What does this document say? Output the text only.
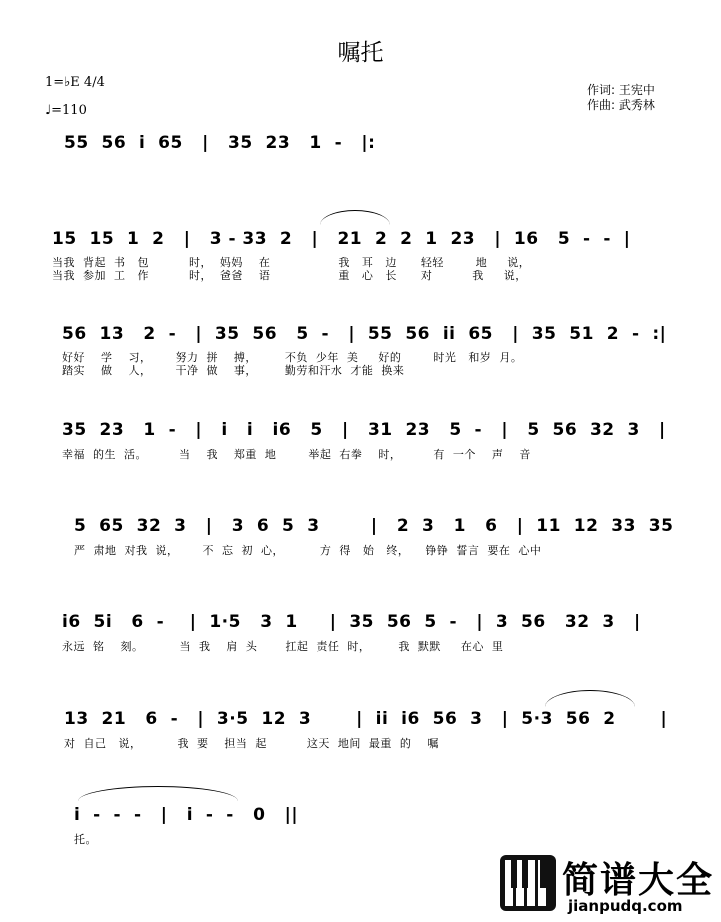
嘱托
1=♭E 4/4
♩=110
作词: 王宪中
作曲: 武秀林
55  56  i  65   |   35  23   1  -   |:
15  15  1  2   |   3 - 33  2   |   21  2  2  1  23   |  16   5  -  -  |
当我  背起  书   包          时，  妈妈    在                 我   耳   边      轻轻        地     说，
当我  参加  工   作          时，  爸爸    语                 重   心   长      对          我     说，
56  13   2  -   |  35  56   5  -   |  55  56  ii  65   |  35  51  2  -  :|
好好    学    习，      努力  拼    搏，       不负  少年  美     好的        时光   和岁  月。
踏实    做    人，      干净  做    事，       勤劳和汗水  才能  换来
35  23   1  -   |   i   i   i6   5   |   31  23   5  -   |   5  56  32  3   |
幸福  的生  活。        当    我    郑重  地        举起  右拳    时，        有  一个    声    音
5  65  32  3   |   3  6  5  3        |   2  3   1   6   |  11  12  33  35
严  肃地  对我  说，      不  忘  初  心，         方  得   始   终，    铮铮  誓言  要在  心中
i6  5i   6  -    |  1·5   3  1     |  35  56  5  -   |  3  56   32  3   |
永远  铭    刻。         当  我    肩  头       扛起  责任  时，       我  默默     在心  里
13  21   6  -   |  3·5  12  3       |  ii  i6  56  3   |  5·3  56  2       |
对  自己   说，         我  要    担当  起          这天  地间  最重  的    嘱
i  -  -  -   |   i  -  -   0   ||
托。
简谱大全
jianpudq.com
